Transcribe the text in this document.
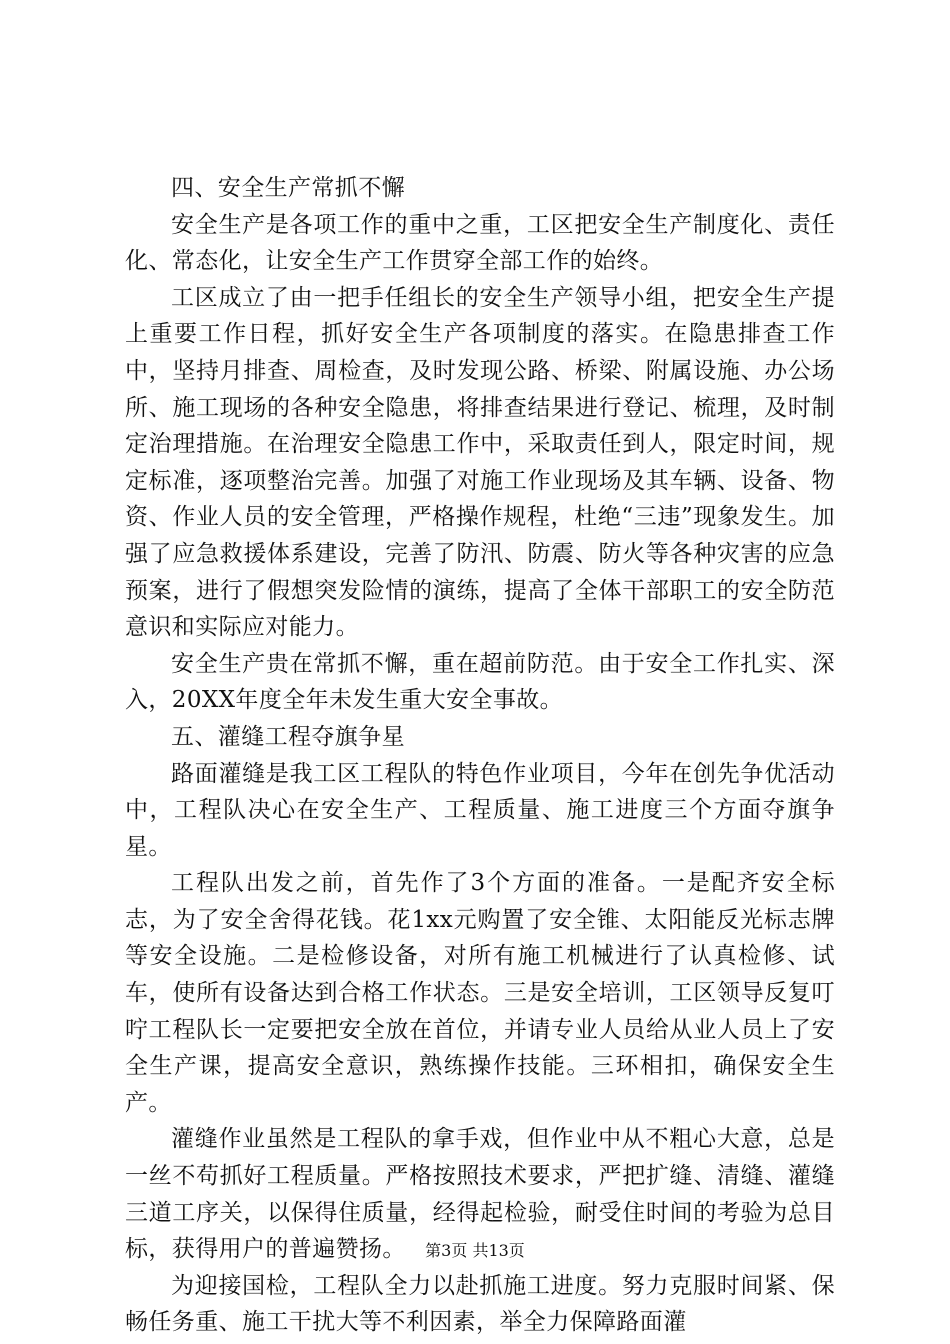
四、安全生产常抓不懈

安全生产是各项工作的重中之重，工区把安全生产制度化、责任化、常态化，让安全生产工作贯穿全部工作的始终。

工区成立了由一把手任组长的安全生产领导小组，把安全生产提上重要工作日程，抓好安全生产各项制度的落实。在隐患排查工作中，坚持月排查、周检查，及时发现公路、桥梁、附属设施、办公场所、施工现场的各种安全隐患，将排查结果进行登记、梳理，及时制定治理措施。在治理安全隐患工作中，采取责任到人，限定时间，规定标准，逐项整治完善。加强了对施工作业现场及其车辆、设备、物资、作业人员的安全管理，严格操作规程，杜绝“三违”现象发生。加强了应急救援体系建设，完善了防汛、防震、防火等各种灾害的应急预案，进行了假想突发险情的演练，提高了全体干部职工的安全防范意识和实际应对能力。

安全生产贵在常抓不懈，重在超前防范。由于安全工作扎实、深入，20XX年度全年未发生重大安全事故。

五、灌缝工程夺旗争星

路面灌缝是我工区工程队的特色作业项目，今年在创先争优活动中，工程队决心在安全生产、工程质量、施工进度三个方面夺旗争星。

工程队出发之前，首先作了3个方面的准备。一是配齐安全标志，为了安全舍得花钱。花1xx元购置了安全锥、太阳能反光标志牌等安全设施。二是检修设备，对所有施工机械进行了认真检修、试车，使所有设备达到合格工作状态。三是安全培训，工区领导反复叮咛工程队长一定要把安全放在首位，并请专业人员给从业人员上了安全生产课，提高安全意识，熟练操作技能。三环相扣，确保安全生产。

灌缝作业虽然是工程队的拿手戏，但作业中从不粗心大意，总是一丝不苟抓好工程质量。严格按照技术要求，严把扩缝、清缝、灌缝三道工序关，以保得住质量，经得起检验，耐受住时间的考验为总目标，获得用户的普遍赞扬。

为迎接国检，工程队全力以赴抓施工进度。努力克服时间紧、保畅任务重、施工干扰大等不利因素，举全力保障路面灌

第3页 共13页
